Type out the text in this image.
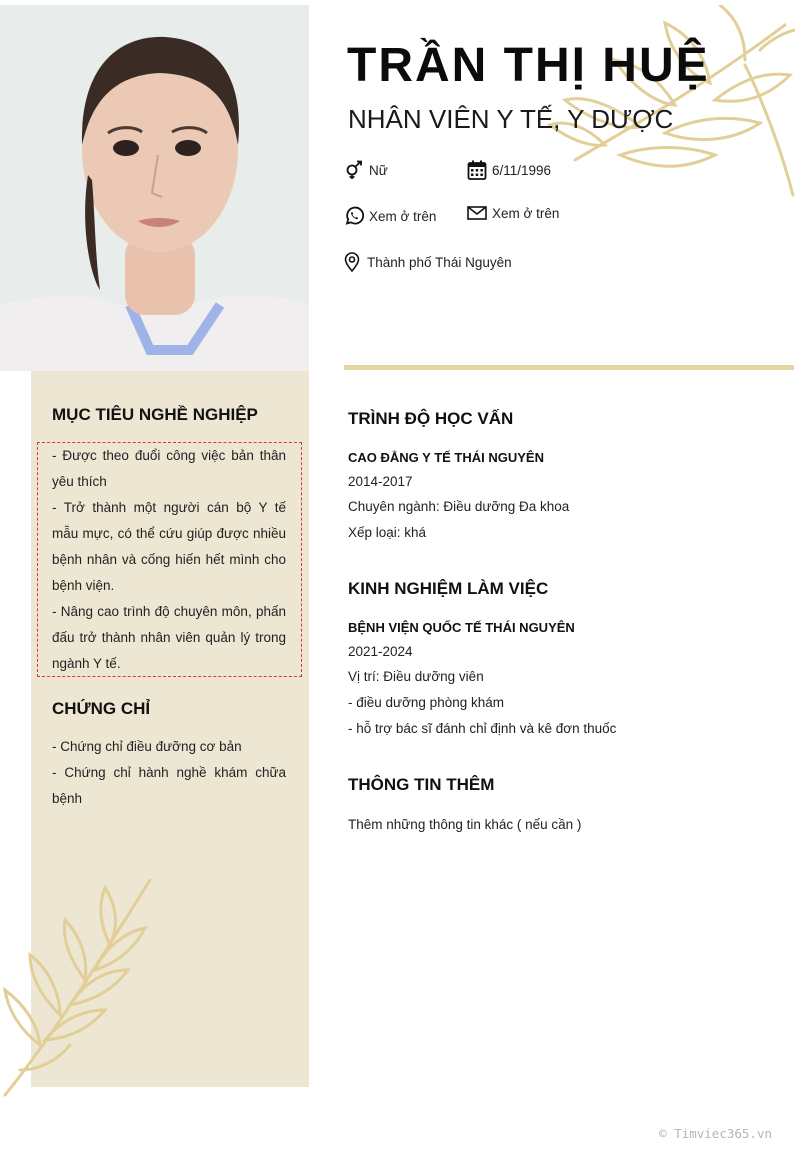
MỤC TIÊU NGHỀ NGHIỆP
- Được theo đuổi công việc bản thân yêu thích
- Trở thành một người cán bộ Y tế mẫu mực, có thể cứu giúp được nhiều bệnh nhân và cống hiến hết mình cho bệnh viện.
- Nâng cao trình độ chuyên môn, phấn đấu trở thành nhân viên quản lý trong ngành Y tế.
CHỨNG CHỈ
- Chứng chỉ điều đưỡng cơ bản
- Chứng chỉ hành nghề khám chữa bệnh
TRẦN THỊ HUỆ
NHÂN VIÊN Y TẾ, Y DƯỢC
Nữ	6/11/1996
Xem ở trên	Xem ở trên
Thành phố Thái Nguyên
TRÌNH ĐỘ HỌC VẤN
CAO ĐẲNG Y TẾ THÁI NGUYÊN
2014-2017
Chuyên ngành: Điều dưỡng Đa khoa
Xếp loại: khá
KINH NGHIỆM LÀM VIỆC
BỆNH VIỆN QUỐC TẾ THÁI NGUYÊN
2021-2024
Vị trí: Điều dưỡng viên
- điều dưỡng phòng khám
- hỗ trợ bác sĩ đánh chỉ định và kê đơn thuốc
THÔNG TIN THÊM
Thêm những thông tin khác ( nếu cần )
© Timviec365.vn
